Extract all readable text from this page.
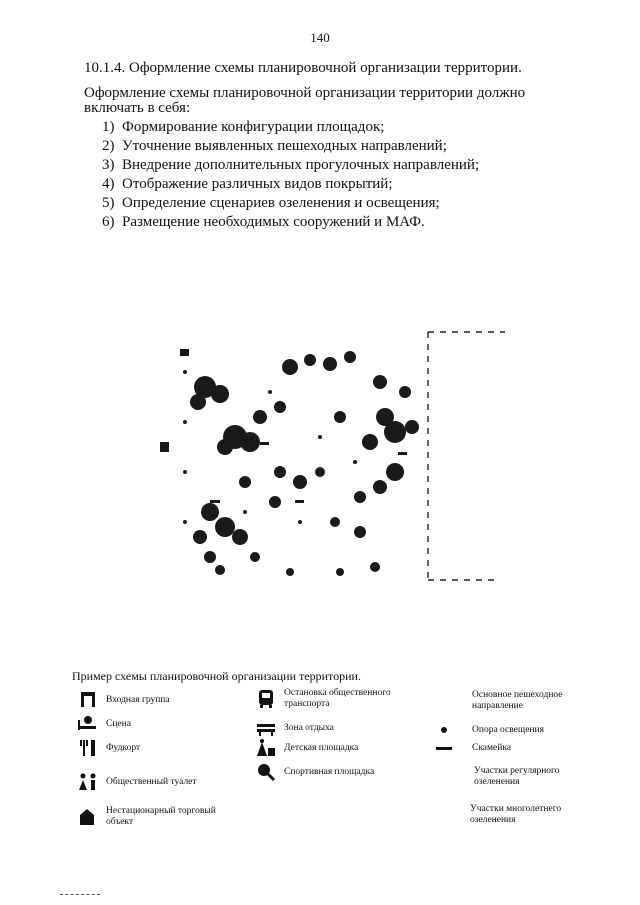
140
10.1.4. Оформление схемы планировочной организации территории.
Оформление схемы планировочной организации территории должно включать в себя:
1) Формирование конфигурации площадок;
2) Уточнение выявленных пешеходных направлений;
3) Внедрение дополнительных прогулочных направлений;
4) Отображение различных видов покрытий;
5) Определение сценариев озеленения и освещения;
6) Размещение необходимых сооружений и МАФ.
Пример схемы планировочной организации территории.
Входная группа
Сцена
Фудкорт
Общественный туалет
Нестационарный торговый объект
Остановка общественного транспорта
Зона отдыха
Детская площадка
Спортивная площадка
Основное пешеходное направление
Опора освещения
Скамейка
Участки регулярного озеленения
Участки многолетнего озеленения
